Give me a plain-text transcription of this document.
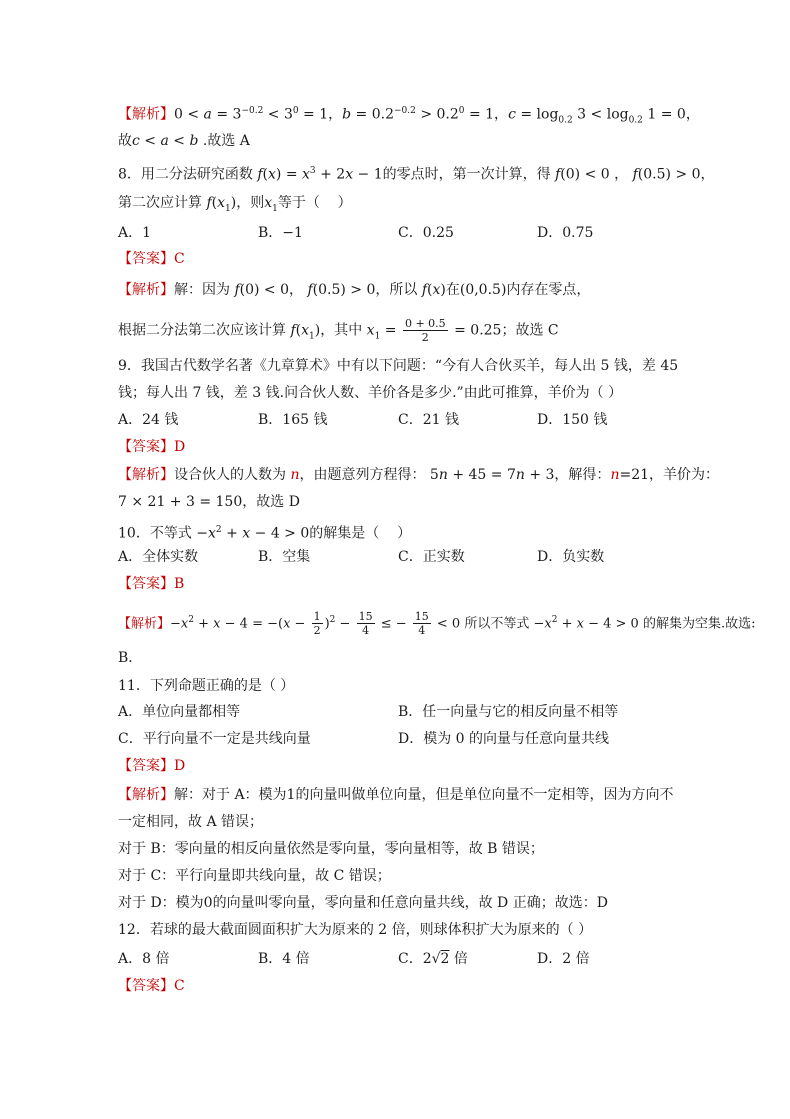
【解析】$0 < a = 3^{-0.2} < 3^0 = 1$，$b = 0.2^{-0.2} > 0.2^0 = 1$，$c = \log_{0.2} 3 < \log_{0.2} 1 = 0$，
故c < a < b .故选 A
8．用二分法研究函数 $f(x) = x^3 + 2x - 1$的零点时，第一次计算，得 f(0) < 0 ， f(0.5) > 0，
第二次应计算 $f(x_1)$，则$x_1$等于（    ）
A．1	B．−1	C．0.25	D．0.75
【答案】C
【解析】解：因为 f(0) < 0， f(0.5) > 0，所以 f(x)在(0,0.5)内存在零点，
根据二分法第二次应该计算 $f(x_1)$，其中 $x_1 = \frac{0 + 0.5}{2} = 0.25$；故选 C
9．我国古代数学名著《九章算术》中有以下问题：“今有人合伙买羊，每人出 5 钱，差 45
钱；每人出 7 钱，差 3 钱.问合伙人数、羊价各是多少.”由此可推算，羊价为（ ）
A．24 钱	B．165 钱	C．21 钱	D．150 钱
【答案】D
【解析】设合伙人的人数为 n，由题意列方程得： 5n + 45 = 7n + 3，解得：n=21，羊价为：
7 × 21 + 3 = 150，故选 D
10．不等式 $-x^2 + x - 4 > 0$的解集是（    ）
A．全体实数	B．空集	C．正实数	D．负实数
【答案】B
【解析】$-x^2 + x - 4 = -(x - \frac{1}{2} )^2 - \frac{15}{4}$ ≤ − $\frac{15}{4} < 0$ 所以不等式 $-x^2 + x - 4 > 0$ 的解集为空集.故选:
B．
11．下列命题正确的是（ ）
A．单位向量都相等	B．任一向量与它的相反向量不相等
C．平行向量不一定是共线向量	D．模为 0 的向量与任意向量共线
【答案】D
【解析】解：对于 A：模为1的向量叫做单位向量，但是单位向量不一定相等，因为方向不
一定相同，故 A 错误；
对于 B：零向量的相反向量依然是零向量，零向量相等，故 B 错误；
对于 C：平行向量即共线向量，故 C 错误；
对于 D：模为0的向量叫零向量，零向量和任意向量共线，故 D 正确；故选：D
12．若球的最大截面圆面积扩大为原来的 2 倍，则球体积扩大为原来的（ ）
A．8 倍	B．4 倍	C．2√2 倍	D．2 倍
【答案】C
